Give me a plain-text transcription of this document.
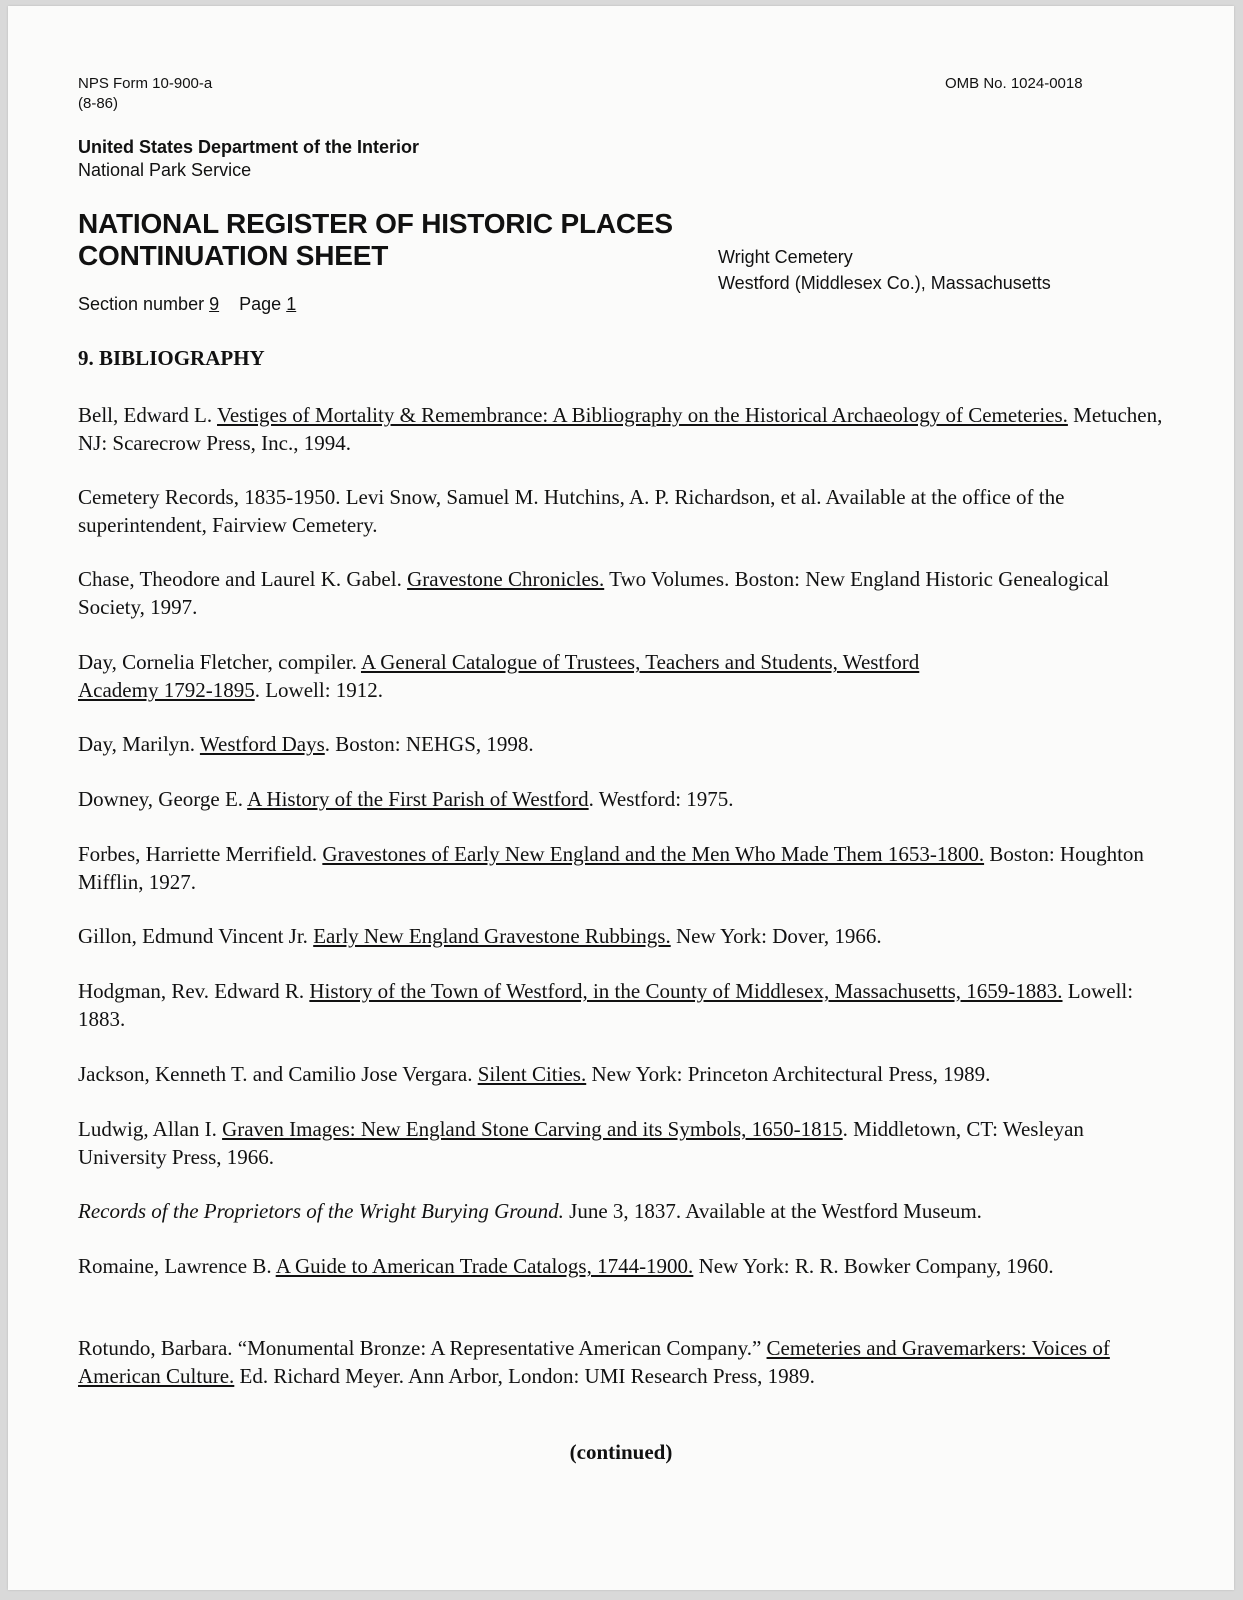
NPS Form 10-900-a
(8-86)
OMB No. 1024-0018
United States Department of the Interior
National Park Service
NATIONAL REGISTER OF HISTORIC PLACES
CONTINUATION SHEET	Wright Cemetery
Westford (Middlesex Co.), Massachusetts
Section number 9 Page 1
9. BIBLIOGRAPHY

Bell, Edward L. Vestiges of Mortality & Remembrance: A Bibliography on the Historical Archaeology of Cemeteries. Metuchen, NJ: Scarecrow Press, Inc., 1994.

Cemetery Records, 1835-1950. Levi Snow, Samuel M. Hutchins, A. P. Richardson, et al. Available at the office of the superintendent, Fairview Cemetery.

Chase, Theodore and Laurel K. Gabel. Gravestone Chronicles. Two Volumes. Boston: New England Historic Genealogical Society, 1997.

Day, Cornelia Fletcher, compiler. A General Catalogue of Trustees, Teachers and Students, Westford Academy 1792-1895. Lowell: 1912.

Day, Marilyn. Westford Days. Boston: NEHGS, 1998.

Downey, George E. A History of the First Parish of Westford. Westford: 1975.

Forbes, Harriette Merrifield. Gravestones of Early New England and the Men Who Made Them 1653-1800. Boston: Houghton Mifflin, 1927.

Gillon, Edmund Vincent Jr. Early New England Gravestone Rubbings. New York: Dover, 1966.

Hodgman, Rev. Edward R. History of the Town of Westford, in the County of Middlesex, Massachusetts, 1659-1883. Lowell: 1883.

Jackson, Kenneth T. and Camilio Jose Vergara. Silent Cities. New York: Princeton Architectural Press, 1989.

Ludwig, Allan I. Graven Images: New England Stone Carving and its Symbols, 1650-1815. Middletown, CT: Wesleyan University Press, 1966.

Records of the Proprietors of the Wright Burying Ground. June 3, 1837. Available at the Westford Museum.

Romaine, Lawrence B. A Guide to American Trade Catalogs, 1744-1900. New York: R. R. Bowker Company, 1960.

Rotundo, Barbara. “Monumental Bronze: A Representative American Company.” Cemeteries and Gravemarkers: Voices of American Culture. Ed. Richard Meyer. Ann Arbor, London: UMI Research Press, 1989.

(continued)
